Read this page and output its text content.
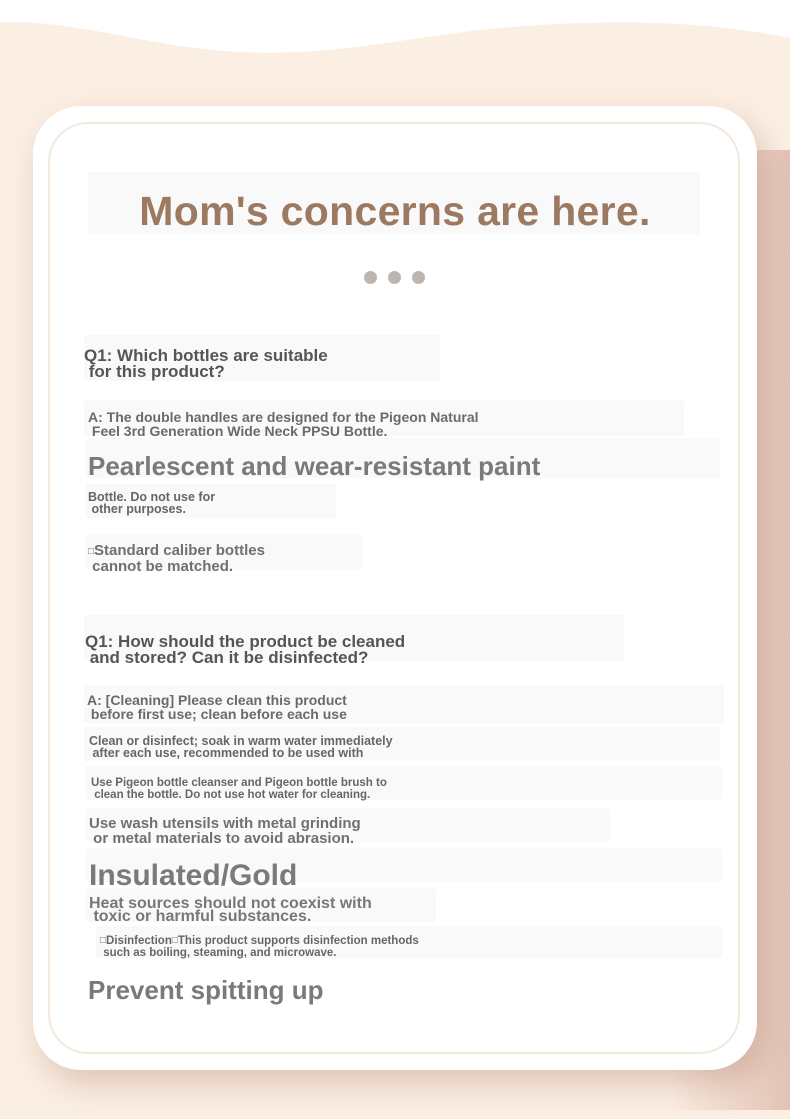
Mom's concerns are here.

Q1: Which bottles are suitable
for this product?

A: The double handles are designed for the Pigeon Natural
Feel 3rd Generation Wide Neck PPSU Bottle.

Pearlescent and wear-resistant paint

Bottle. Do not use for
other purposes.

□Standard caliber bottles
cannot be matched.

Q1: How should the product be cleaned
and stored? Can it be disinfected?

A: [Cleaning] Please clean this product
before first use; clean before each use

Clean or disinfect; soak in warm water immediately
after each use, recommended to be used with

Use Pigeon bottle cleanser and Pigeon bottle brush to
clean the bottle. Do not use hot water for cleaning.

Use wash utensils with metal grinding
or metal materials to avoid abrasion.

Insulated/Gold

Heat sources should not coexist with
toxic or harmful substances.

□Disinfection□This product supports disinfection methods
such as boiling, steaming, and microwave.

Prevent spitting up
